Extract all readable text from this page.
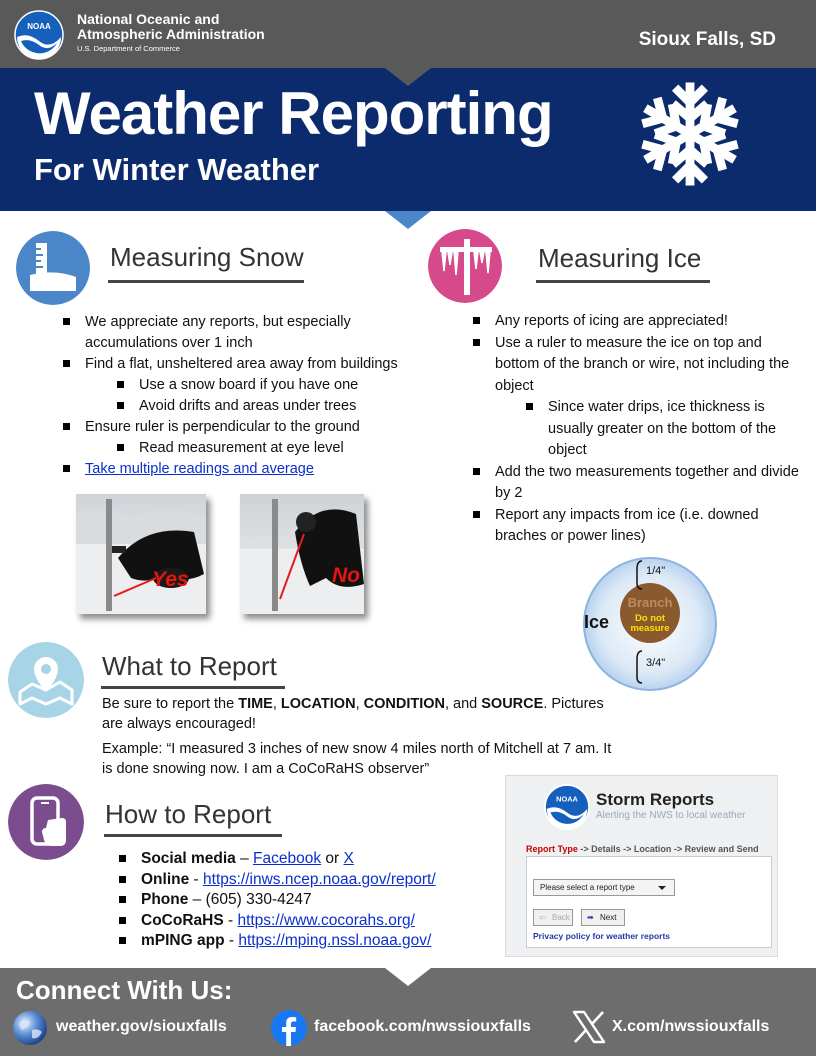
NOAA National Oceanic and
Atmospheric Administration
U.S. Department of Commerce	Sioux Falls, SD
Weather Reporting
For Winter Weather
Measuring Snow
We appreciate any reports, but especially accumulations over 1 inch
Find a flat, unsheltered area away from buildings
Use a snow board if you have one
Avoid drifts and areas under trees
Ensure ruler is perpendicular to the ground
Read measurement at eye level
Take multiple readings and average
Yes	No
Measuring Ice
Any reports of icing are appreciated!
Use a ruler to measure the ice on top and bottom of the branch or wire, not including the object
Since water drips, ice thickness is usually greater on the bottom of the object
Add the two measurements together and divide by 2
Report any impacts from ice (i.e. downed braches or power lines)
Ice
Branch
Do not
measure
1/4"
3/4"
What to Report
Be sure to report the TIME, LOCATION, CONDITION, and SOURCE. Pictures are always encouraged!
Example: “I measured 3 inches of new snow 4 miles north of Mitchell at 7 am. It is done snowing now. I am a CoCoRaHS observer”
How to Report
Social media – Facebook or X
Online - https://inws.ncep.noaa.gov/report/
Phone – (605) 330-4247
CoCoRaHS - https://www.cocorahs.org/
mPING app - https://mping.nssl.noaa.gov/
NOAA Storm Reports
Alerting the NWS to local weather
Report Type -> Details -> Location -> Review and Send
Please select a report type
⇦ Back	➡ Next
Privacy policy for weather reports
Connect With Us:
weather.gov/siouxfalls	facebook.com/nwssiouxfalls	X.com/nwssiouxfalls
